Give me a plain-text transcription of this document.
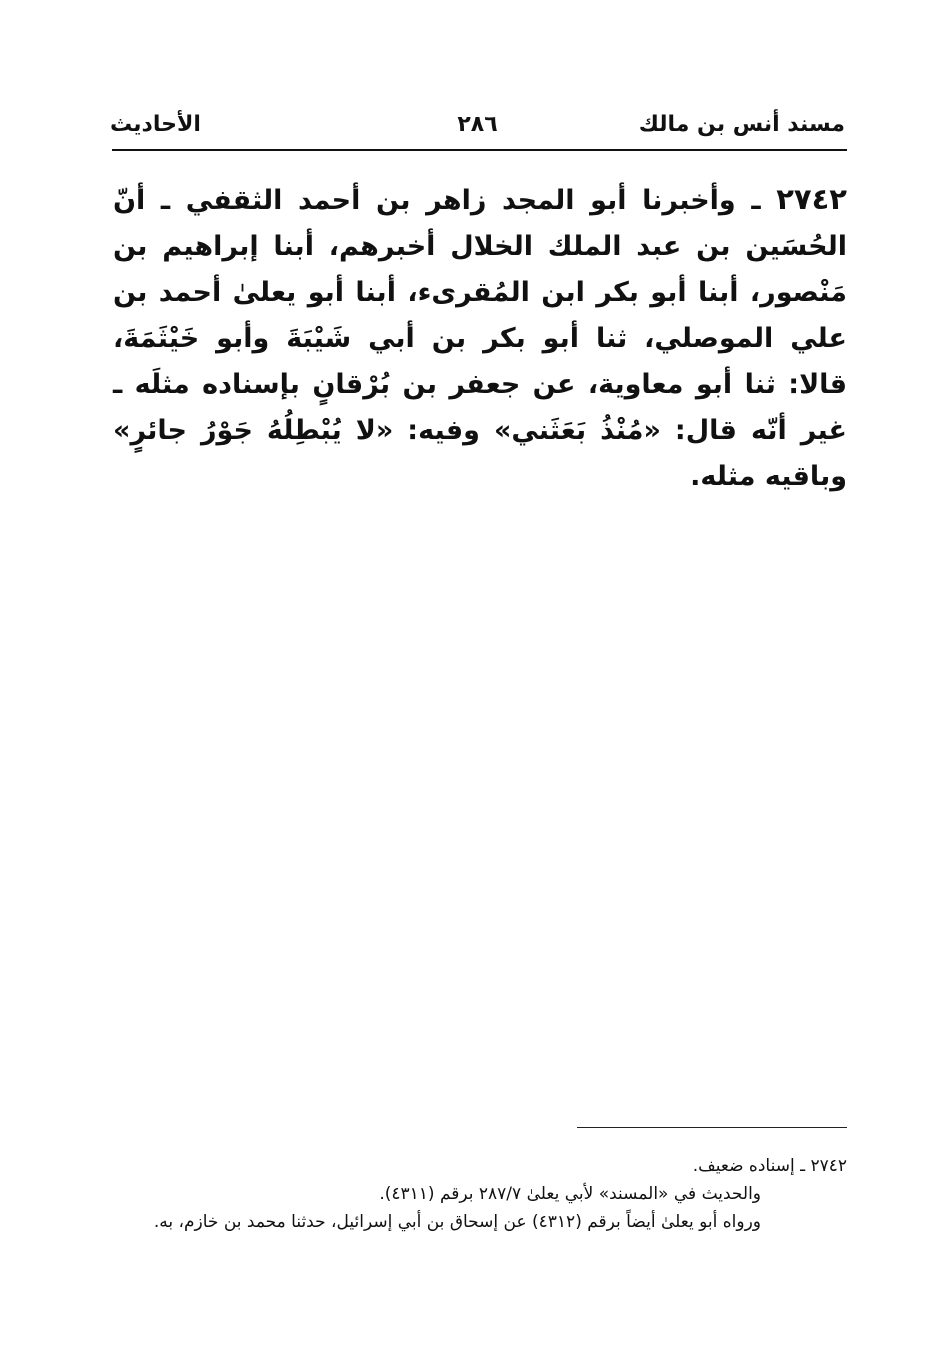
مسند أنس بن مالك
٢٨٦
الأحاديث
٢٧٤٢ ـ وأخبرنا أبو المجد زاهر بن أحمد الثقفي ـ أنّ الحُسَين بن عبد الملك الخلال أخبرهم، أبنا إبراهيم بن مَنْصور، أبنا أبو بكر ابن المُقرىء، أبنا أبو يعلىٰ أحمد بن علي الموصلي، ثنا أبو بكر بن أبي شَيْبَةَ وأبو خَيْثَمَةَ، قالا: ثنا أبو معاوية، عن جعفر بن بُرْقانٍ بإسناده مثلَه ـ غير أنّه قال: «مُنْذُ بَعَثَني» وفيه: «لا يُبْطِلُهُ جَوْرُ جائرٍ» وباقيه مثله.
٢٧٤٢ ـ إسناده ضعيف.
والحديث في «المسند» لأبي يعلىٰ ٢٨٧/٧ برقم (٤٣١١).
ورواه أبو يعلىٰ أيضاً برقم (٤٣١٢) عن إسحاق بن أبي إسرائيل، حدثنا محمد بن خازم، به.
